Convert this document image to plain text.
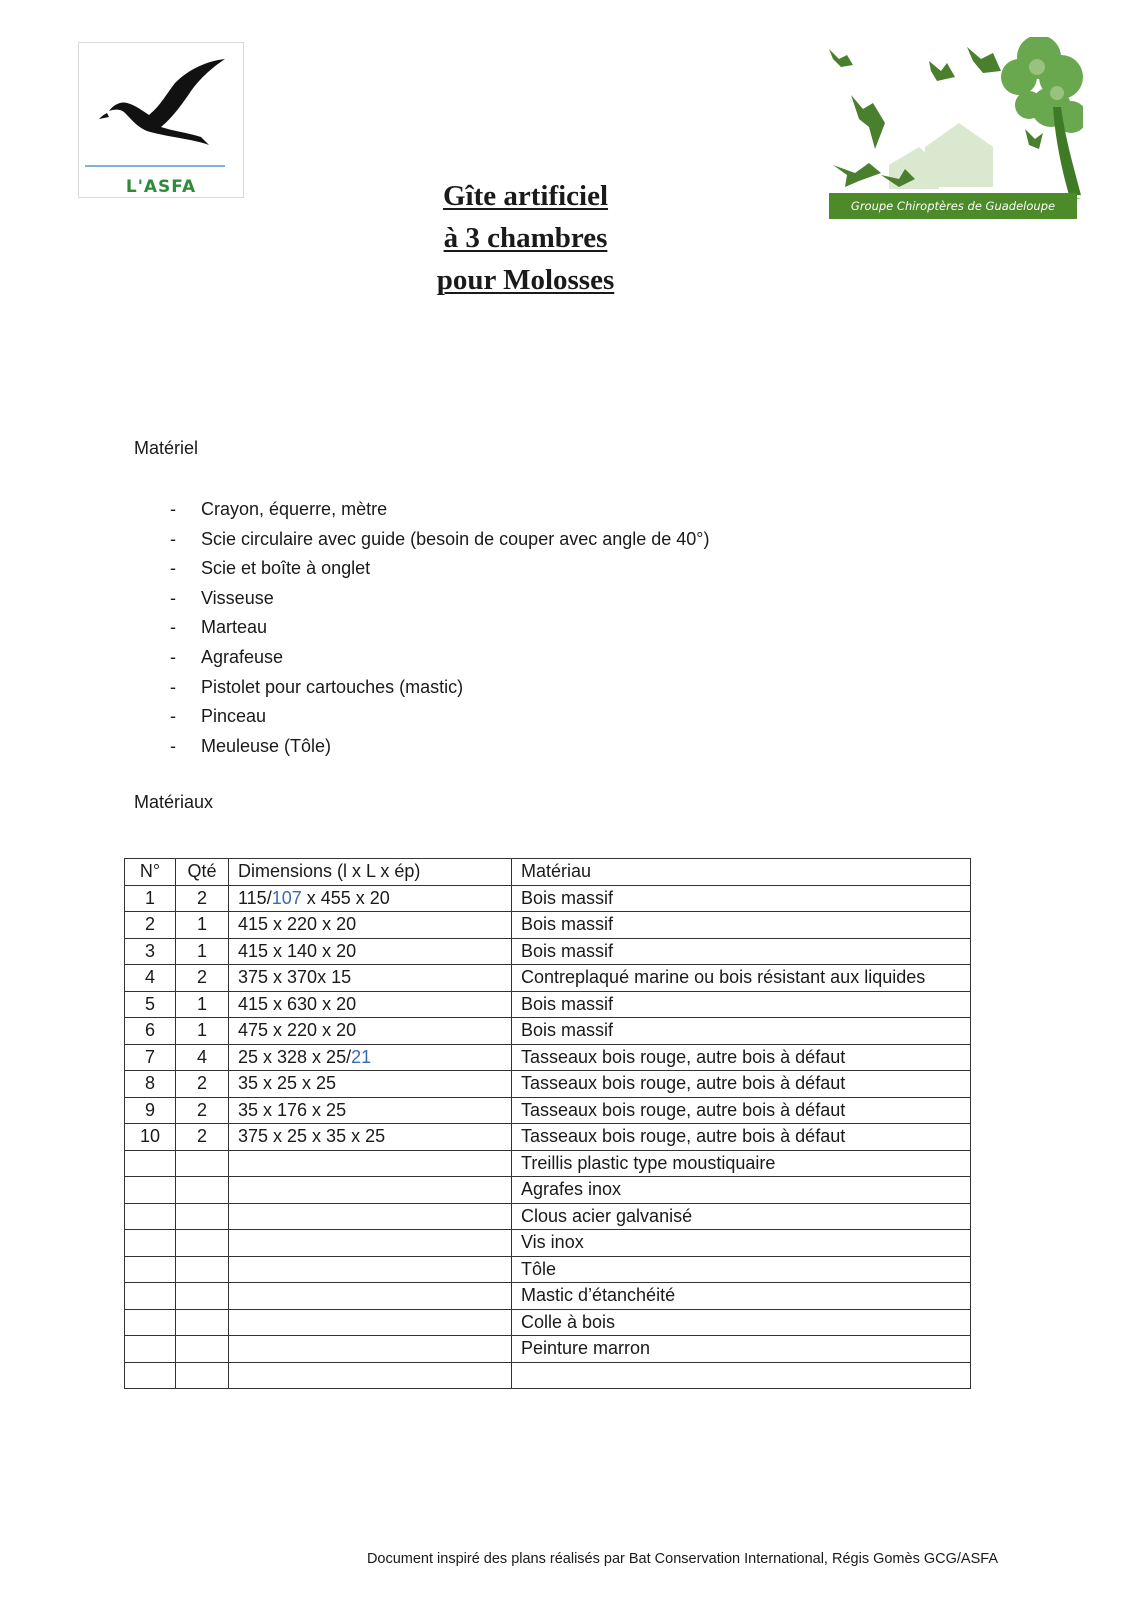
L'ASFA
Groupe Chiroptères de Guadeloupe
Gîte artificiel
à 3 chambres
pour Molosses
Matériel
- Crayon, équerre, mètre
- Scie circulaire avec guide (besoin de couper avec angle de 40°)
- Scie et boîte à onglet
- Visseuse
- Marteau
- Agrafeuse
- Pistolet pour cartouches (mastic)
- Pinceau
- Meuleuse (Tôle)
Matériaux
N°	Qté	Dimensions (l x L x ép)	Matériau
1	2	115/107 x 455 x 20	Bois massif
2	1	415 x 220 x 20	Bois massif
3	1	415 x 140 x 20	Bois massif
4	2	375 x 370x 15	Contreplaqué marine ou bois résistant aux liquides
5	1	415 x 630 x 20	Bois massif
6	1	475 x 220 x 20	Bois massif
7	4	25 x 328 x 25/21	Tasseaux bois rouge, autre bois à défaut
8	2	35 x 25 x 25	Tasseaux bois rouge, autre bois à défaut
9	2	35 x 176 x 25	Tasseaux bois rouge, autre bois à défaut
10	2	375 x 25 x 35 x 25	Tasseaux bois rouge, autre bois à défaut
			Treillis plastic type moustiquaire
			Agrafes inox
			Clous acier galvanisé
			Vis inox
			Tôle
			Mastic d’étanchéité
			Colle à bois
			Peinture marron

Document inspiré des plans réalisés par Bat Conservation International, Régis Gomès GCG/ASFA
